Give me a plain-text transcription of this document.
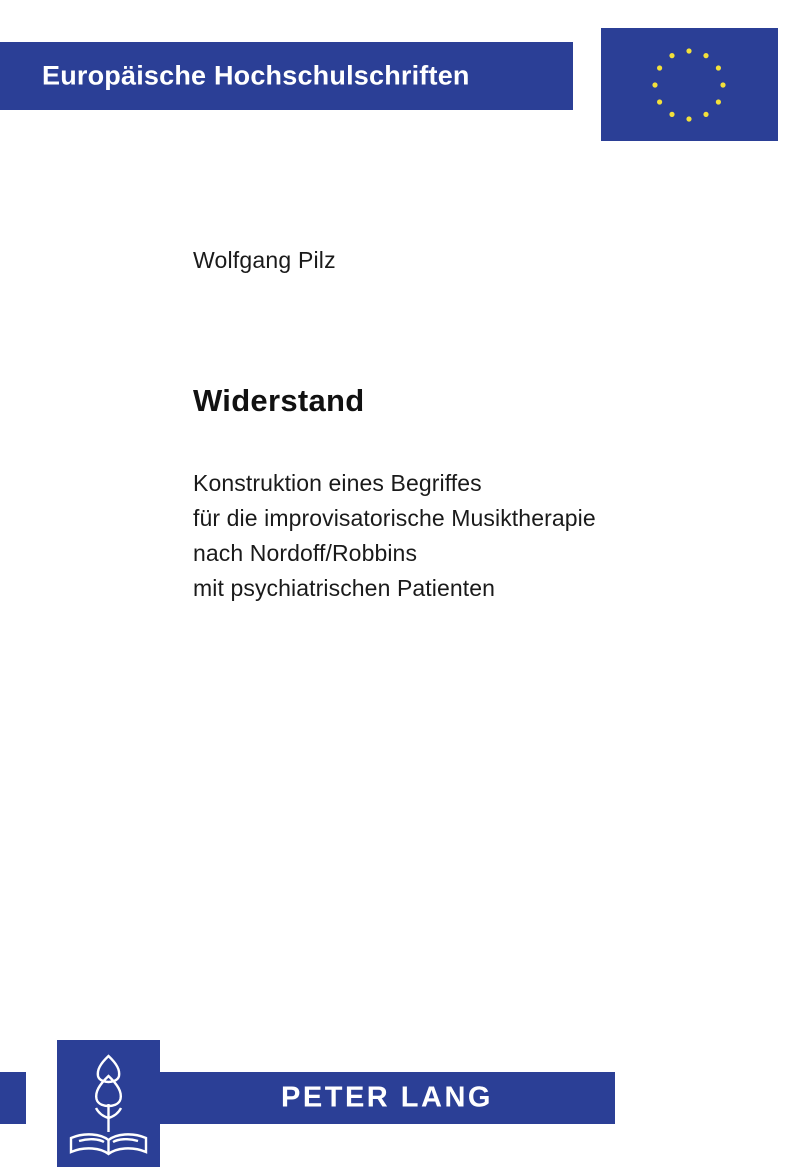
Europäische Hochschulschriften
Wolfgang Pilz
Widerstand
Konstruktion eines Begriffes
für die improvisatorische Musiktherapie
nach Nordoff/Robbins
mit psychiatrischen Patienten
PETER LANG
